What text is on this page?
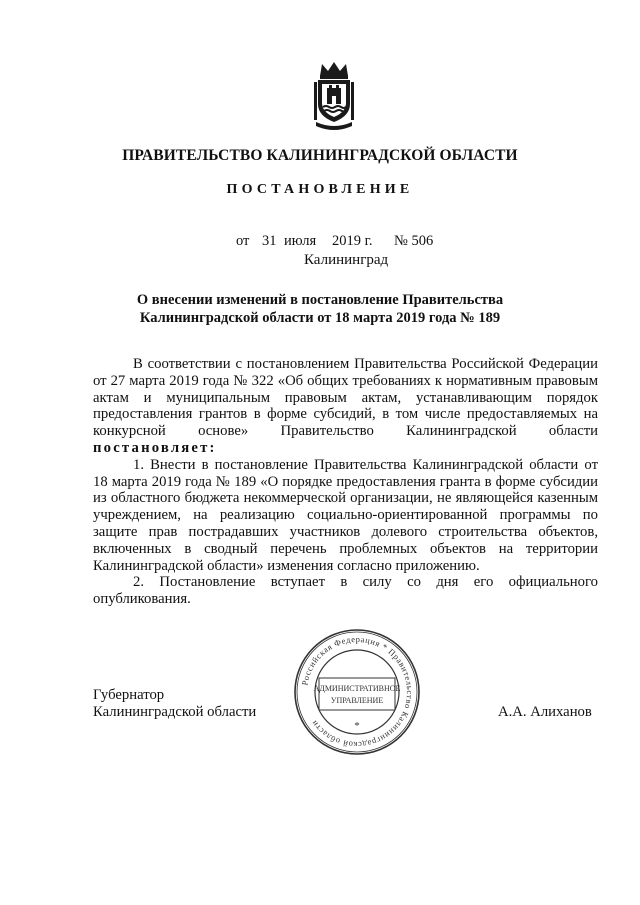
ПРАВИТЕЛЬСТВО КАЛИНИНГРАДСКОЙ ОБЛАСТИ
ПОСТАНОВЛЕНИЕ
от 31 июля 2019 г. № 506
Калининград
О внесении изменений в постановление Правительства
Калининградской области от 18 марта 2019 года № 189

В соответствии с постановлением Правительства Российской Федерации от 27 марта 2019 года № 322 «Об общих требованиях к нормативным правовым актам и муниципальным правовым актам, устанавливающим порядок предоставления грантов в форме субсидий, в том числе предоставляемых на конкурсной основе» Правительство Калининградской области постановляет:

1. Внести в постановление Правительства Калининградской области от 18 марта 2019 года № 189 «О порядке предоставления гранта в форме субсидии из областного бюджета некоммерческой организации, не являющейся казенным учреждением, на реализацию социально-ориентированной программы по защите прав пострадавших участников долевого строительства объектов, включенных в сводный перечень проблемных объектов на территории Калининградской области» изменения согласно приложению.

2. Постановление вступает в силу со дня его официального опубликования.

Губернатор
Калининградской области
Российская Федерация * Правительство Калининградской области
АДМИНИСТРАТИВНОЕ
УПРАВЛЕНИЕ
*
А.А. Алиханов
